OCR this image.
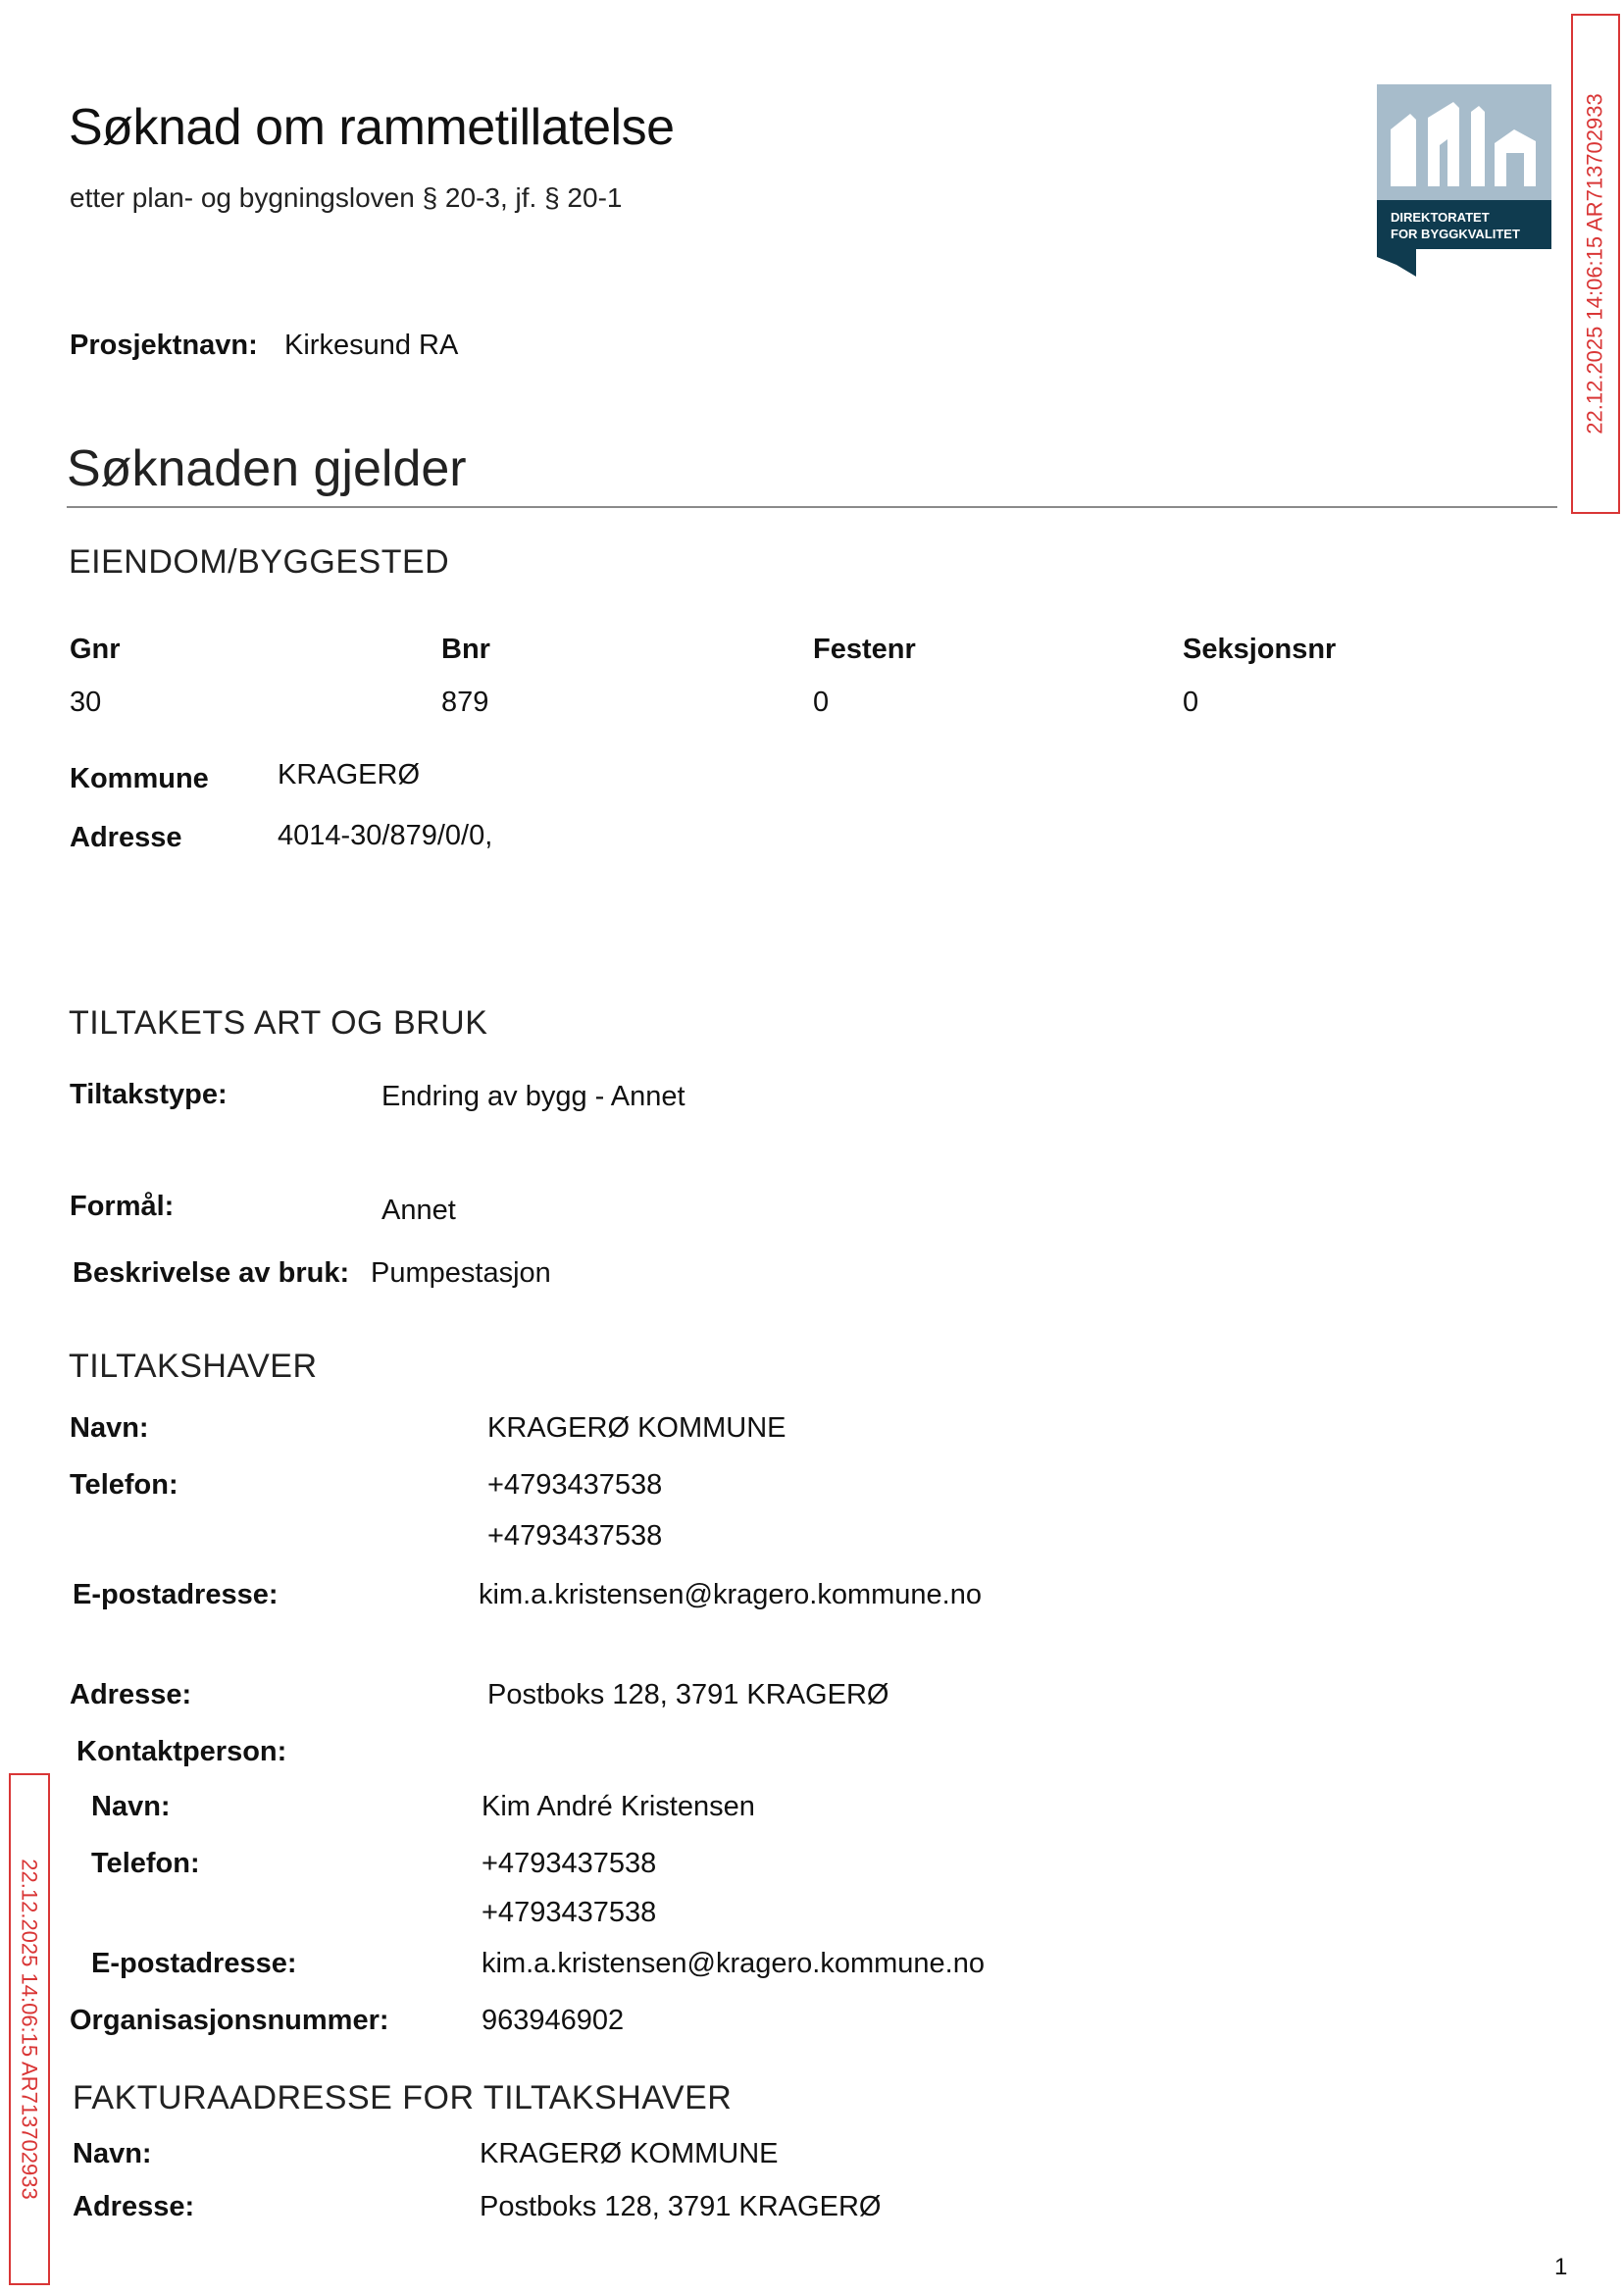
Søknad om rammetillatelse
etter plan- og bygningsloven § 20-3, jf. § 20-1
DIREKTORATET
FOR BYGGKVALITET	22.12.2025 14:06:15 AR713702933
22.12.2025 14:06:15 AR713702933
Prosjektnavn: Kirkesund RA
Søknaden gjelder
EIENDOM/BYGGESTED
Gnr	Bnr	Festenr	Seksjonsnr
30	879	0	0
Kommune KRAGERØ
Adresse	4014-30/879/0/0,
TILTAKETS ART OG BRUK
Tiltakstype:	Endring av bygg - Annet
Formål:	Annet
Beskrivelse av bruk: Pumpestasjon
TILTAKSHAVER
Navn:	KRAGERØ KOMMUNE
Telefon:	+4793437538
+4793437538
E-postadresse:	kim.a.kristensen@kragero.kommune.no
Adresse:	Postboks 128, 3791 KRAGERØ
Kontaktperson:
Navn:	Kim André Kristensen
Telefon:	+4793437538
+4793437538
E-postadresse:	kim.a.kristensen@kragero.kommune.no
Organisasjonsnummer:	963946902
FAKTURAADRESSE FOR TILTAKSHAVER
Navn:	KRAGERØ KOMMUNE
Adresse:	Postboks 128, 3791 KRAGERØ
1
